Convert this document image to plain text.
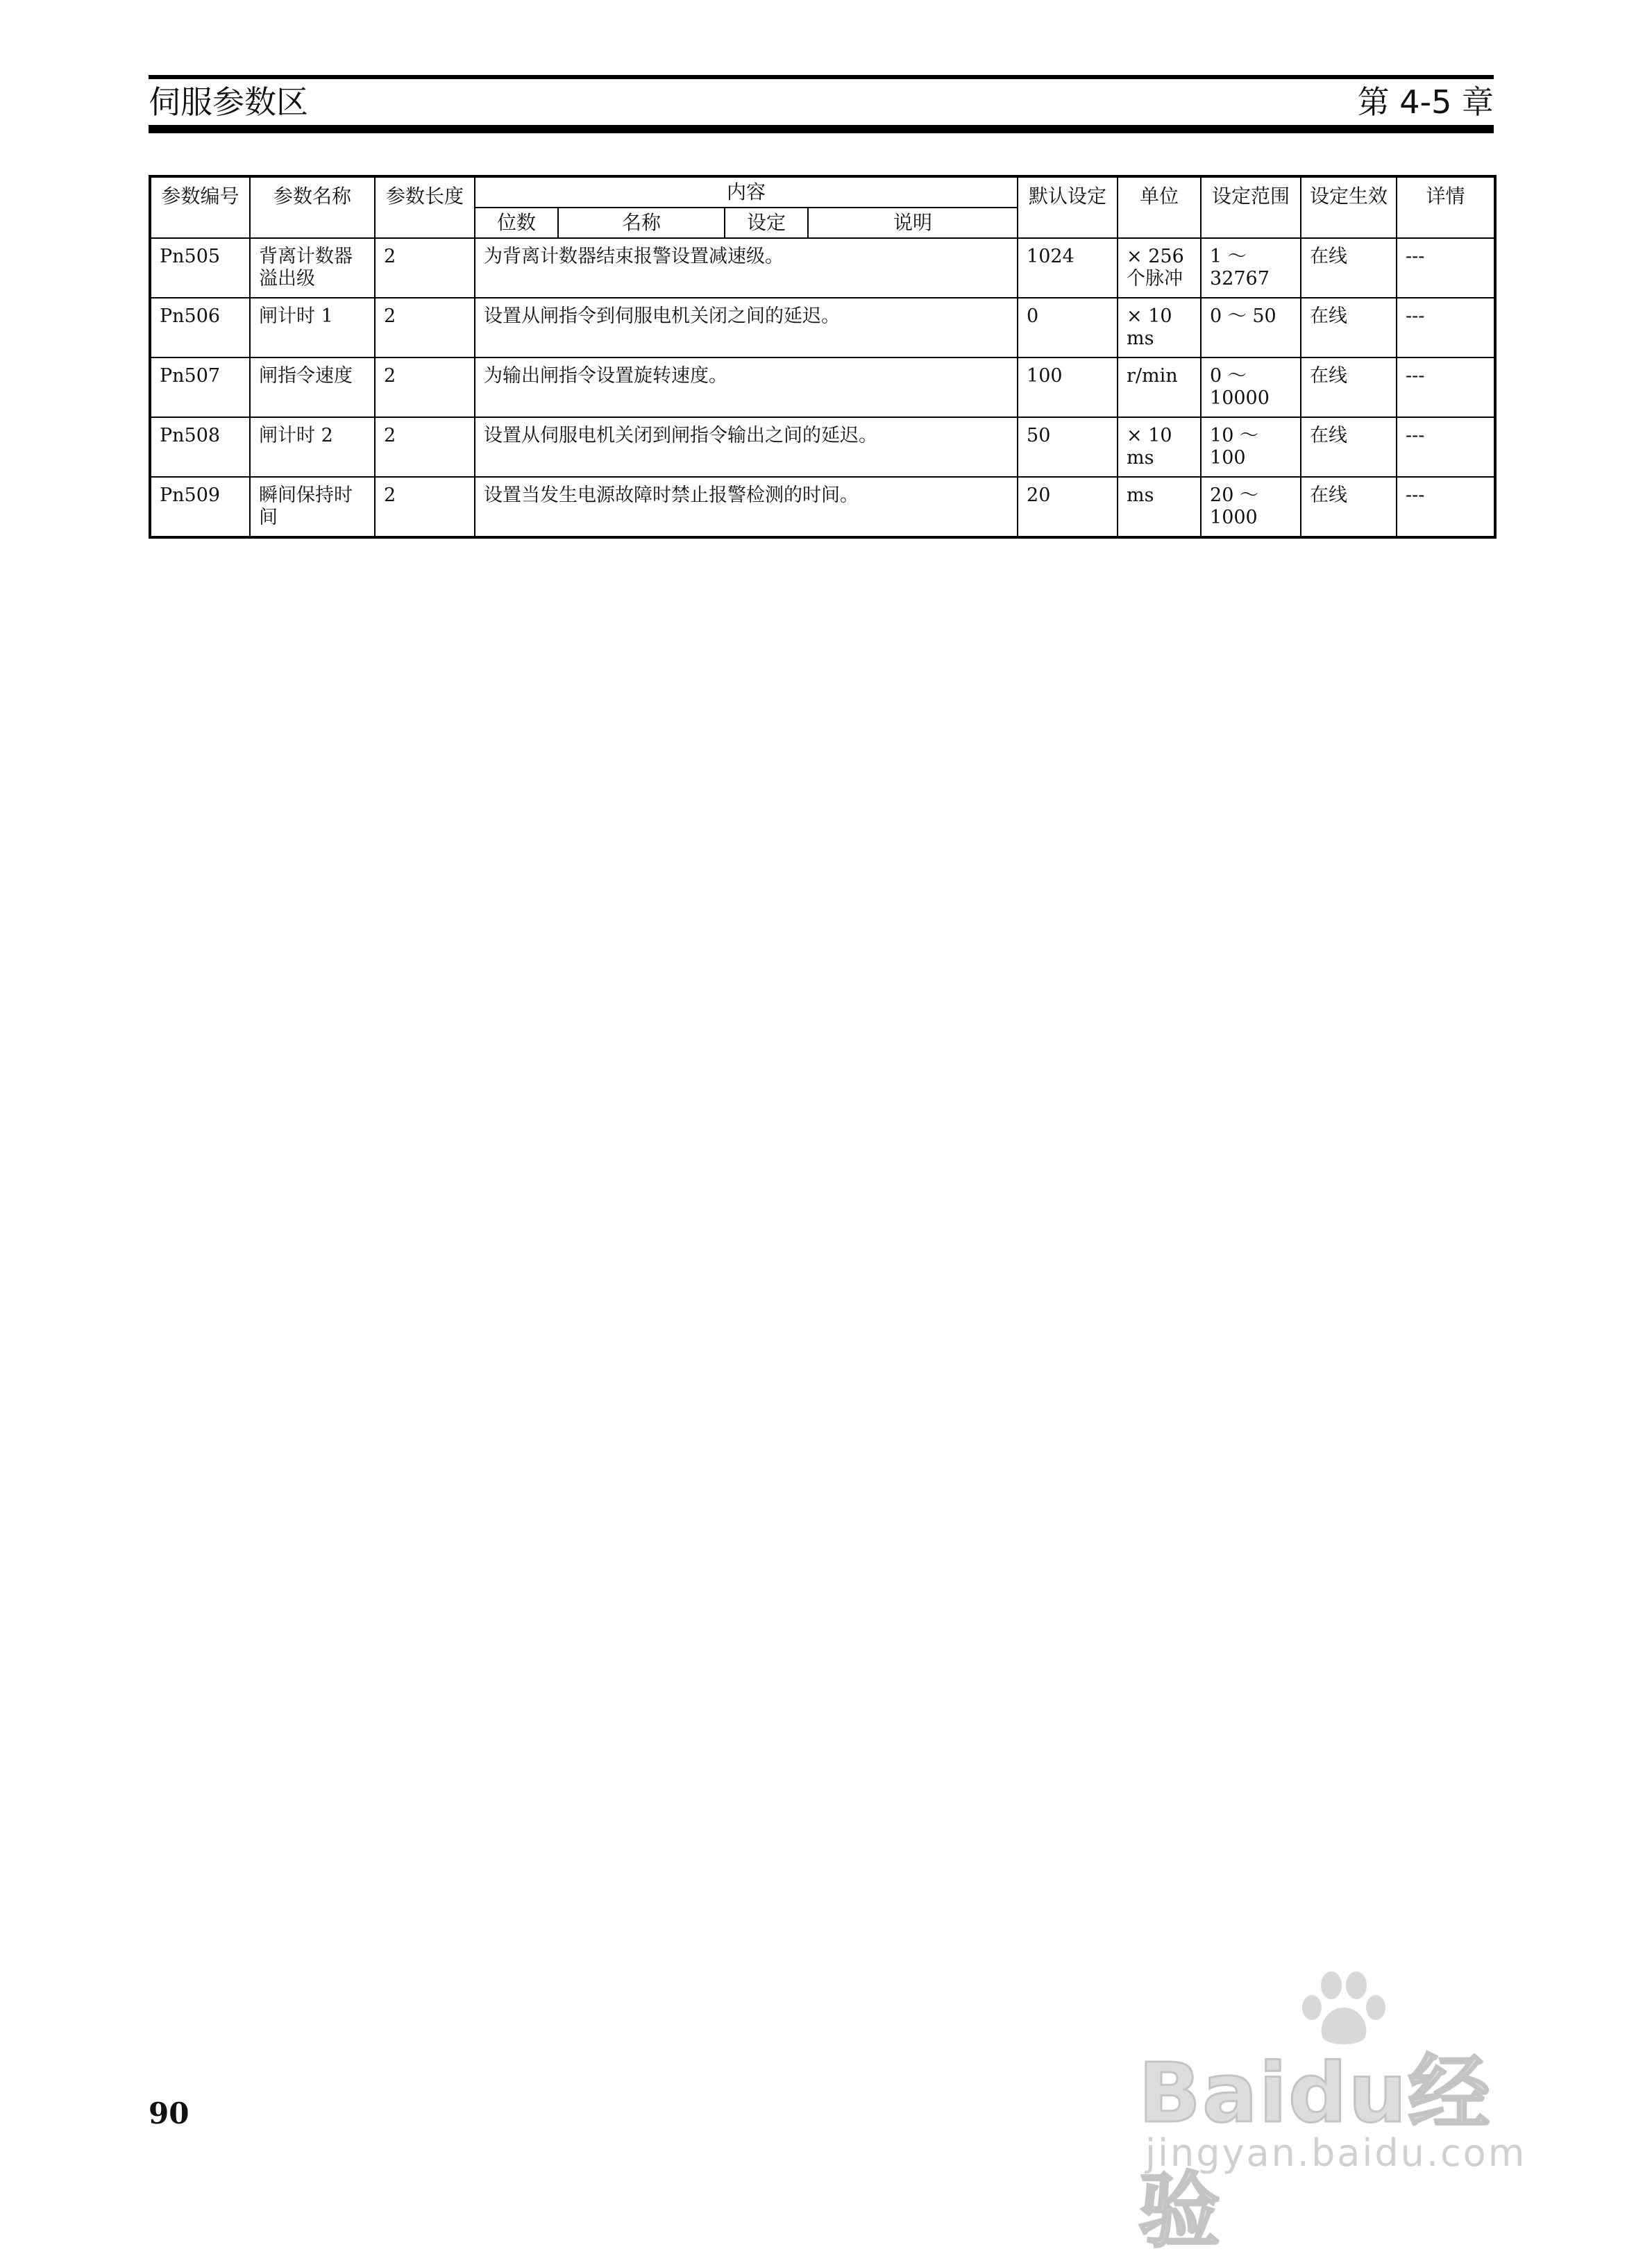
伺服参数区	第 4-5 章
参数编号	参数名称	参数长度	内容				默认设定	单位	设定范围	设定生效	详情
			位数	名称	设定	说明					
Pn505	背离计数器溢出级	2	为背离计数器结束报警设置减速级。				1024	× 256 个脉冲	1 ～ 32767	在线	---
Pn506	闸计时 1	2	设置从闸指令到伺服电机关闭之间的延迟。				0	× 10 ms	0 ～ 50	在线	---
Pn507	闸指令速度	2	为输出闸指令设置旋转速度。				100	r/min	0 ～ 10000	在线	---
Pn508	闸计时 2	2	设置从伺服电机关闭到闸指令输出之间的延迟。				50	× 10 ms	10 ～ 100	在线	---
Pn509	瞬间保持时间	2	设置当发生电源故障时禁止报警检测的时间。				20	ms	20 ～ 1000	在线	---
90	Baidu经验
jingyan.baidu.com
